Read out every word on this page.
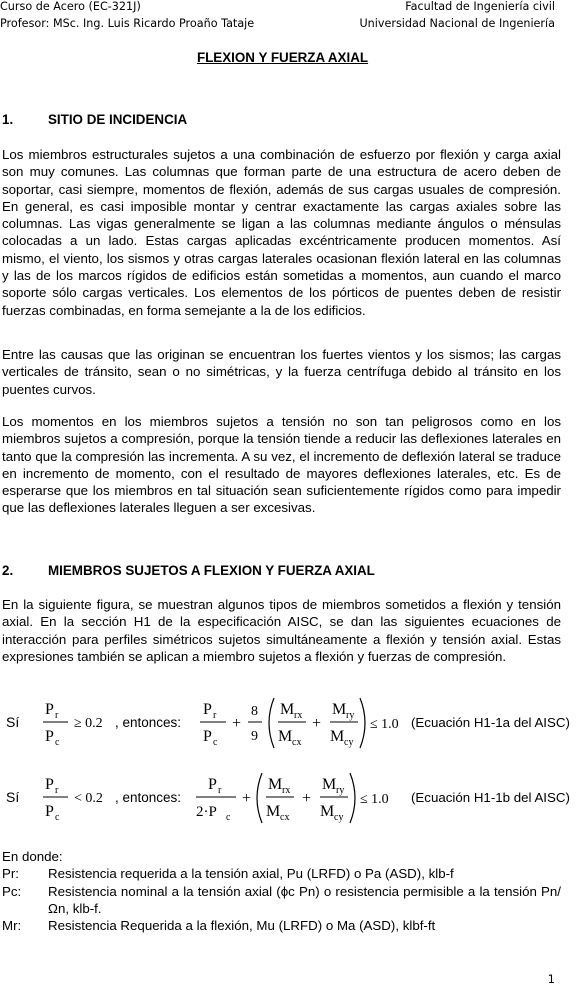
Curso de Acero (EC-321J)	Facultad de Ingeniería civil
Profesor: MSc. Ing. Luis Ricardo Proaño Tataje	Universidad Nacional de Ingeniería
FLEXION Y FUERZA AXIAL
1.	SITIO DE INCIDENCIA
Los miembros estructurales sujetos a una combinación de esfuerzo por flexión y carga axial son muy comunes. Las columnas que forman parte de una estructura de acero deben de soportar, casi siempre, momentos de flexión, además de sus cargas usuales de compresión. En general, es casi imposible montar y centrar exactamente las cargas axiales sobre las columnas. Las vigas generalmente se ligan a las columnas mediante ángulos o ménsulas colocadas a un lado. Estas cargas aplicadas excéntricamente producen momentos. Así mismo, el viento, los sismos y otras cargas laterales ocasionan flexión lateral en las columnas y las de los marcos rígidos de edificios están sometidas a momentos, aun cuando el marco soporte sólo cargas verticales. Los elementos de los pórticos de puentes deben de resistir fuerzas combinadas, en forma semejante a la de los edificios.
Entre las causas que las originan se encuentran los fuertes vientos y los sismos; las cargas verticales de tránsito, sean o no simétricas, y la fuerza centrífuga debido al tránsito en los puentes curvos.
Los momentos en los miembros sujetos a tensión no son tan peligrosos como en los miembros sujetos a compresión, porque la tensión tiende a reducir las deflexiones laterales en tanto que la compresión las incrementa. A su vez, el incremento de deflexión lateral se traduce en incremento de momento, con el resultado de mayores deflexiones laterales, etc. Es de esperarse que los miembros en tal situación sean suficientemente rígidos como para impedir que las deflexiones laterales lleguen a ser excesivas.
2.	MIEMBROS SUJETOS A FLEXION Y FUERZA AXIAL
En la siguiente figura, se muestran algunos tipos de miembros sometidos a flexión y tensión axial. En la sección H1 de la especificación AISC, se dan las siguientes ecuaciones de interacción para perfiles simétricos sujetos simultáneamente a flexión y tensión axial. Estas expresiones también se aplican a miembro sujetos a flexión y fuerzas de compresión.
Sí
P r
P c
≥ 0.2 , entonces:
P r
P c
+
8
9
M rx
M cx
+
M ry
M cy
≤ 1.0 (Ecuación H1-1a del AISC)
Sí
P r
P c
< 0.2 , entonces:
P r
2·P c
+
M rx
M cx
+
M ry
M cy
≤ 1.0 (Ecuación H1-1b del AISC)
En donde:
Pr:	Resistencia requerida a la tensión axial, Pu (LRFD) o Pa (ASD), klb-f
Pc:	Resistencia nominal a la tensión axial (ϕc Pn) o resistencia permisible a la tensión Pn/Ωn, klb-f.
Mr:	Resistencia Requerida a la flexión, Mu (LRFD) o Ma (ASD), klbf-ft
1
